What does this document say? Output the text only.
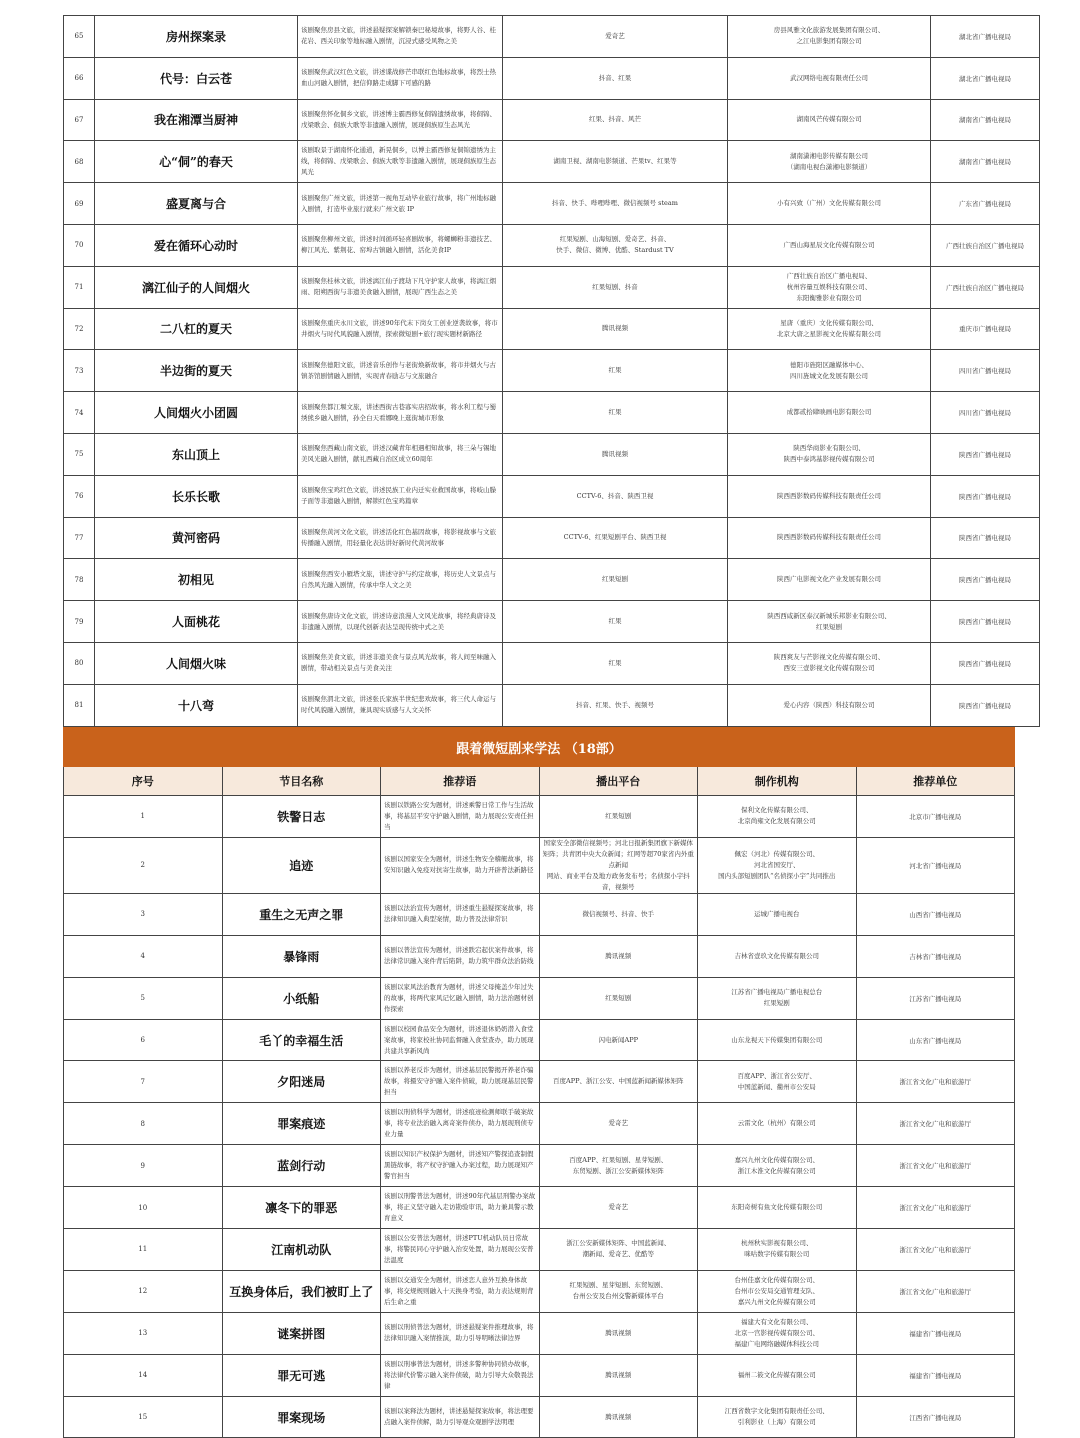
65	房州探案录	该剧聚焦房县文旅，讲述悬疑探案解锁秦巴秘境故事，将野人谷、桂花岩、西关印象等地标融入剧情，沉浸式感受风物之美	爱奇艺	房县风雅文化旅游发展集团有限公司、
之江电影集团有限公司	湖北省广播电视局
66	代号：白云苍	该剧聚焦武汉红色文旅，讲述谍战修芒串联红色地标故事，将烈士热血山河融入剧情，把信仰路走成脚下可感的路	抖音、红果	武汉网络电视有限责任公司	湖北省广播电视局
67	我在湘潭当厨神	该剧聚焦怀化侗乡文旅，讲述博主霸西修复侗锦遗绣故事，将侗锦、戊梁歌会、侗族大歌等非遗融入剧情，展现侗族原生态风光	红果、抖音、风芒	湖南风芒传媒有限公司	湖南省广播电视局
68	心“侗”的春天	该剧取景于湖南怀化通道，新晃侗乡，以博主霸西修复侗锦遗绣为主线，将侗锦、戊梁歌会、侗族大歌等非遗融入剧情，展现侗族原生态风光	湖南卫视、湖南电影频道、芒果tv、红果等	湖南潇湘电影传媒有限公司
（湖南电视台潇湘电影频道）	湖南省广播电视局
69	盛夏离与合	该剧聚焦广州文旅，讲述第一视角互动毕业旅行故事，将广州地标融入剧情，打造毕业旅行就来广州文旅 IP	抖音、快手、哔哩哔哩、微信视频号 steam	小有兴致（广州）文化传媒有限公司	广东省广播电视局
70	爱在循环心动时	该剧聚焦柳州文旅，讲述时间循环轻喜剧故事，将螺蛳粉非遗技艺、柳江风光、紫荆花、窑埠古镇融入剧情，活化美食IP	红果短剧、山海短剧、爱奇艺、抖音、
快手、微信、微博、优酷、Stardust TV	广西山海星辰文化传媒有限公司	广西壮族自治区广播电视局
71	漓江仙子的人间烟火	该剧聚焦桂林文旅，讲述漓江仙子渡劫下凡守护家人故事，将漓江烟雨、阳朔西街与非遗美食融入剧情，展现广西生态之美	红果短剧、抖音	广西壮族自治区广播电视局、
杭州容量互娱科技有限公司、
东阳衡雅影业有限公司	广西壮族自治区广播电视局
72	二八杠的夏天	该剧聚焦重庆永川文旅，讲述90年代末下岗女工创业逆袭故事，将市井烟火与时代风貌融入剧情，探索微短剧+旅行现实题材新路径	腾讯视频	星唐（重庆）文化传媒有限公司、
北京大唐之星影视文化传媒有限公司	重庆市广播电视局
73	半边街的夏天	该剧聚焦德阳文旅，讲述音乐创作与老街焕新故事，将市井烟火与古镇茶馆剧情融入剧情，实现青春励志与文旅融合	红果	德阳市旌阳区融媒体中心、
四川旌城文化发展有限公司	四川省广播电视局
74	人间烟火小团圆	该剧聚焦都江堰文旅，讲述西街古巷寡实店招故事，将水利工程与蜀绣熊乡融入剧情，孙全白天看娜晚上逛街城市形象	红果	成都贰拾肆映画电影有限公司	四川省广播电视局
75	东山顶上	该剧聚焦西藏山南文旅，讲述汉藏青年相遇相知故事，将三朵与锡地美风光融入剧情，献礼西藏自治区成立60周年	腾讯视频	陕西华商影业有限公司、
陕西中泰鸿基影视传媒有限公司	陕西省广播电视局
76	长乐长歌	该剧聚焦宝鸡红色文旅，讲述民族工业内迁实业救国故事，将岐山臊子面等非遗融入剧情，解锁红色宝鸡篇章	CCTV-6、抖音、陕西卫视	陕西西影数码传媒科技有限责任公司	陕西省广播电视局
77	黄河密码	该剧聚焦黄河文化文旅，讲述活化红色基因故事，将影视故事与文旅传播融入剧情，用轻量化表达讲好新时代黄河故事	CCTV-6、红果短剧平台、陕西卫视	陕西西影数码传媒科技有限责任公司	陕西省广播电视局
78	初相见	该剧聚焦西安小雁塔文旅，讲述守护与约定故事，将历史人文景点与自然风光融入剧情，传承中华人文之美	红果短剧	陕西广电影视文化产业发展有限公司	陕西省广播电视局
79	人面桃花	该剧聚焦唐诗文化文旅，讲述诗意浪漫人文风光故事，将经典唐诗及非遗融入剧情，以现代创新表达呈现传统中式之美	红果	陕西西咸新区泰汉新城乐邦影业有限公司、
红果短剧	陕西省广播电视局
80	人间烟火味	该剧聚焦美食文旅，讲述非遗美食与景点风光故事，将人间至味融入剧情，带动相关景点与美食关注	红果	陕西爽友与芒影视文化传媒有限公司、
西安三壹影视文化传媒有限公司	陕西省广播电视局
81	十八弯	该剧聚焦渭北文旅，讲述张氏家族半世纪悲欢故事，将三代人命运与时代风貌融入剧情，兼具现实质感与人文关怀	抖音、红果、快手、视频号	爱心内容（陕西）科技有限公司	陕西省广播电视局
跟着微短剧来学法 （18部）					
序号	节目名称	推荐语	播出平台	制作机构	推荐单位
1	铁警日志	该剧以铁路公安为题材，讲述乘警日常工作与生活故事，将基层平安守护融入剧情，助力展现公安责任担当	红果短剧	保利文化传媒有限公司、
北京尚雍文化发展有限公司	北京市广播电视局
2	追迹	该剧以国家安全为题材，讲述生物安全稽艇故事，将安知识融入免疫对抗寄生故事，助力开辟普法新路径	国家安全部微信视频号；河北日报新集团旗下新媒体
矩阵；共青团中央大众新闻；红网等超70家省内外重点新闻
网站、商业平台及地方政务发布号；名侦探小宇抖音，视频号	佩宏（河北）传媒有限公司、
河北省国安厅、
国内头部短剧团队“名侦探小宇”共同推出	河北省广播电视局
3	重生之无声之罪	该剧以法治宣传为题材，讲述重生悬疑探案故事，将法律知识融入典型案情，助力普及法律常识	微信视频号、抖音、快手	运城广播电视台	山西省广播电视局
4	暴锋雨	该剧以普法宣传为题材，讲述跌宕起伏案件故事，将法律常识融入案件背后陷阱，助力筑牢群众法治防线	腾讯视频	吉林省壹玖文化传媒有限公司	吉林省广播电视局
5	小纸船	该剧以家风法治教育为题材，讲述父母掩盖少年过失的故事，将两代家风记忆融入剧情，助力法治题材创作探索	红果短剧	江苏省广播电视局广播电视总台
红果短剧	江苏省广播电视局
6	毛丫的幸福生活	该剧以校园食品安全为题材，讲述退休奶奶潜入食堂案故事，将家校社协同监督融入食堂查办，助力展现共建共享新风尚	闪电新闻APP	山东龙视天下传媒集团有限公司	山东省广播电视局
7	夕阳迷局	该剧以养老反诈为题材，讲述基层民警揭开养老诈骗故事，将摄安守护融入案件侦破，助力展现基层民警担当	百度APP、浙江公安、中国蓝新闻新媒体矩阵	百度APP、浙江省公安厅、
中国蓝新闻、衢州市公安局	浙江省文化广电和旅游厅
8	罪案痕迹	该剧以刑侦科学为题材，讲述痕迹检测师联手破案故事，将专业法治融入离奇案件侦办，助力展现刑侦专业力量	爱奇艺	云雷文化（杭州）有限公司	浙江省文化广电和旅游厅
9	蓝剑行动	该剧以知识产权保护为题材，讲述知产警探追查制假黑链故事，将产权守护融入办案过程，助力展现知产警官担当	百度APP、红果短剧、星芽短剧、
东贸短剧、浙江公安新媒体矩阵	嘉兴九州文化传媒有限公司、
浙江木淮文化传媒有限公司	浙江省文化广电和旅游厅
10	凛冬下的罪恶	该剧以刑警普法为题材，讲述90年代基层刑警办案故事，将正义坚守融入走访勘验审讯，助力兼具警示教育意义	爱奇艺	东阳奇树有鱼文化传媒有限公司	浙江省文化广电和旅游厅
11	江南机动队	该剧以公安普法为题材，讲述PTU机动队员日常故事，将警民同心守护融入治安处置，助力展现公安普法温度	浙江公安新媒体矩阵、中国蓝新闻、
潮新闻、爱奇艺、优酷等	杭州秋实影视有限公司、
咪咕数字传媒有限公司	浙江省文化广电和旅游厅
12	互换身体后，我们被盯上了	该剧以交通安全为题材，讲述恋人意外互换身体故事，将交规规则融入十天换身考验，助力表达规则背后生命之重	红果短剧、星芽短剧、东贸短剧、
台州公安及台州交警新媒体平台	台州佳嘉文化传媒有限公司、
台州市公安局交通管理支队、
嘉兴九州文化传媒有限公司	浙江省文化广电和旅游厅
13	谜案拼图	该剧以刑侦普法为题材，讲述悬疑案件推理故事，将法律知识融入案情推演，助力引导明晰法律边界	腾讯视频	福建大有文化有限公司、
北京一宫影视传媒有限公司、
福建广电网络融媒体科技公司	福建省广播电视局
14	罪无可逃	该剧以刑事普法为题材，讲述多警种协同侦办故事，将法律代价警示融入案件侦破，助力引导大众敬畏法律	腾讯视频	福州二筱文化传媒有限公司	福建省广播电视局
15	罪案现场	该剧以案释法为题材，讲述悬疑探案故事，将法理要点融入案件侦解，助力引导观众观剧学法明理	腾讯视频	江西省数字文化集团有限责任公司、
引利影业（上海）有限公司	江西省广播电视局
